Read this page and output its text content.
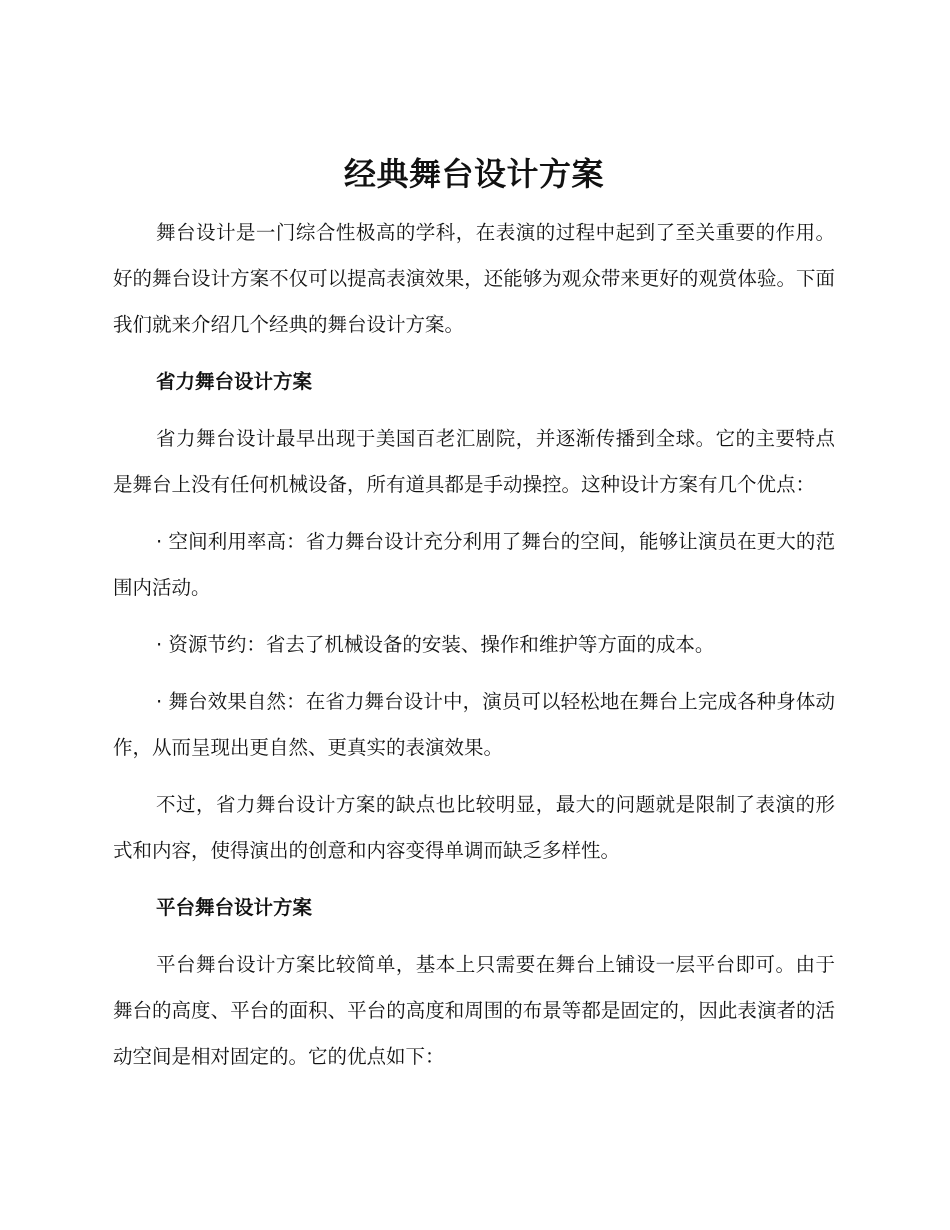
经典舞台设计方案

舞台设计是一门综合性极高的学科，在表演的过程中起到了至关重要的作用。好的舞台设计方案不仅可以提高表演效果，还能够为观众带来更好的观赏体验。下面我们就来介绍几个经典的舞台设计方案。

省力舞台设计方案

省力舞台设计最早出现于美国百老汇剧院，并逐渐传播到全球。它的主要特点是舞台上没有任何机械设备，所有道具都是手动操控。这种设计方案有几个优点：

· 空间利用率高：省力舞台设计充分利用了舞台的空间，能够让演员在更大的范围内活动。

· 资源节约：省去了机械设备的安装、操作和维护等方面的成本。

· 舞台效果自然：在省力舞台设计中，演员可以轻松地在舞台上完成各种身体动作，从而呈现出更自然、更真实的表演效果。

不过，省力舞台设计方案的缺点也比较明显，最大的问题就是限制了表演的形式和内容，使得演出的创意和内容变得单调而缺乏多样性。

平台舞台设计方案

平台舞台设计方案比较简单，基本上只需要在舞台上铺设一层平台即可。由于舞台的高度、平台的面积、平台的高度和周围的布景等都是固定的，因此表演者的活动空间是相对固定的。它的优点如下：
